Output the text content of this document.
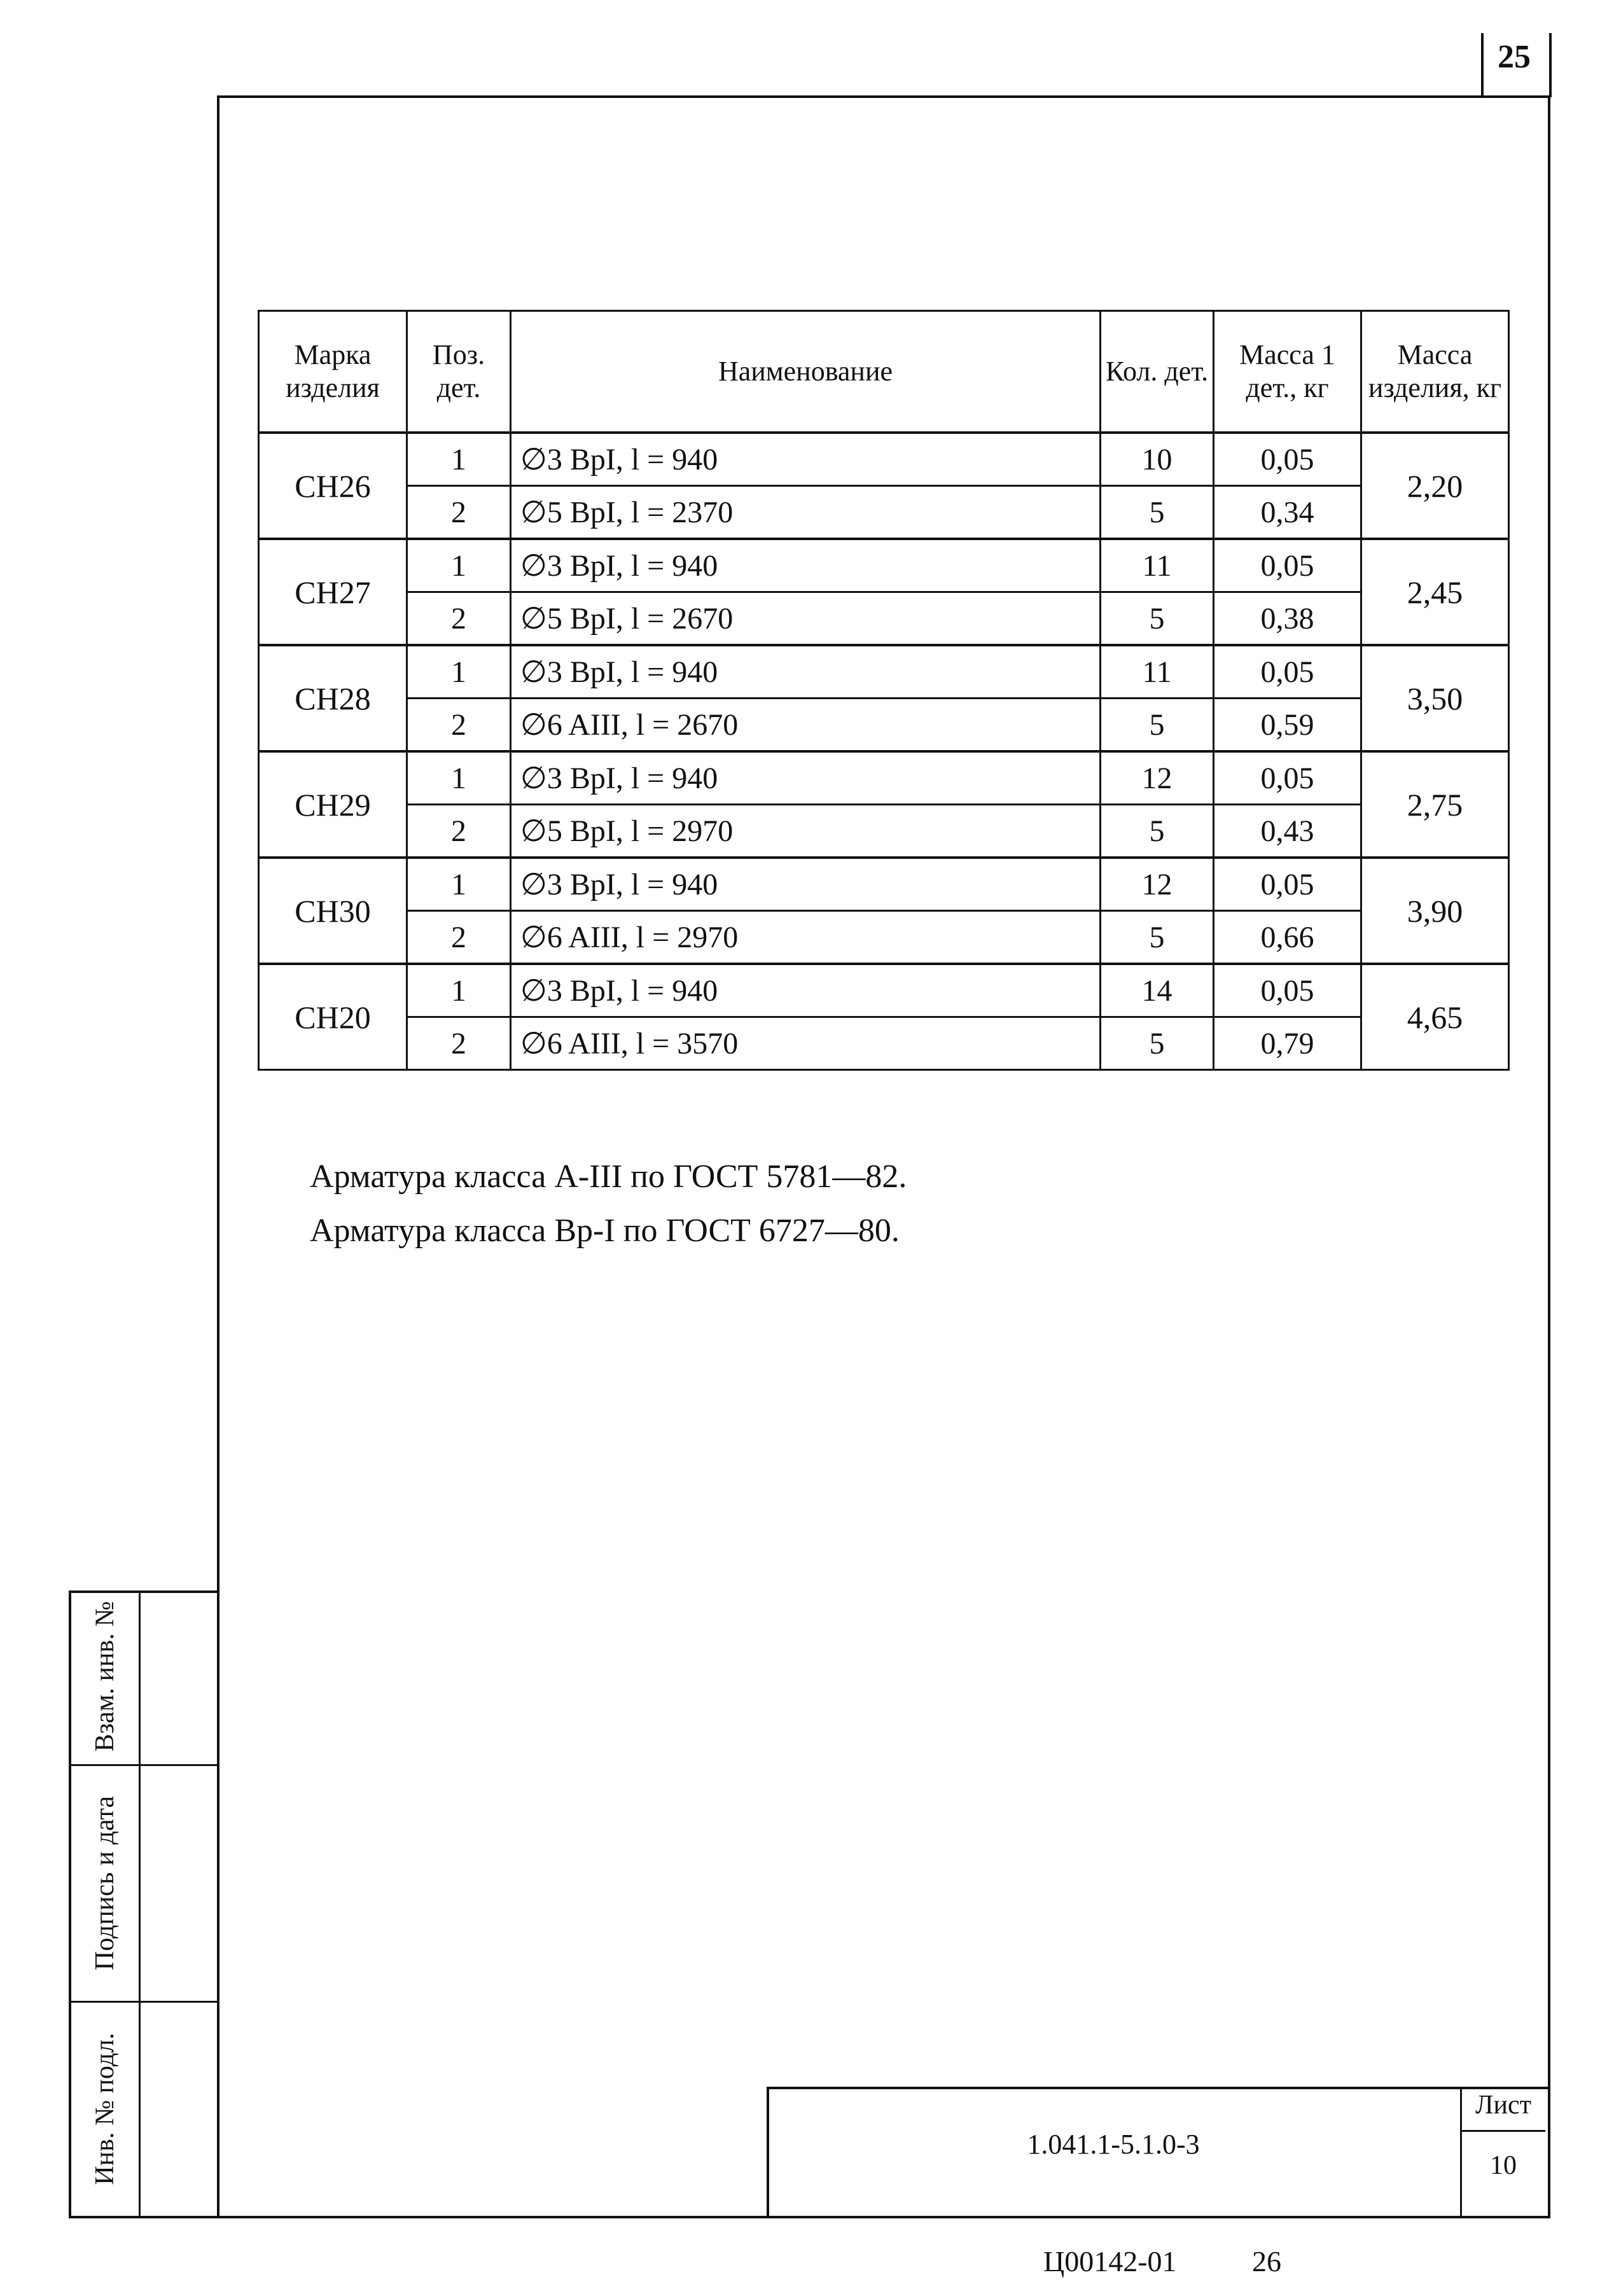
25
Марка изделия	Поз. дет.	Наименование	Кол. дет.	Масса 1 дет., кг	Масса изделия, кг
СН26	1	∅3 ВрI, l = 940	10	0,05	2,20
	2	∅5 ВрI, l = 2370	5	0,34	
СН27	1	∅3 ВрI, l = 940	11	0,05	2,45
	2	∅5 ВрI, l = 2670	5	0,38	
СН28	1	∅3 ВрI, l = 940	11	0,05	3,50
	2	∅6 AIII, l = 2670	5	0,59	
СН29	1	∅3 ВрI, l = 940	12	0,05	2,75
	2	∅5 ВрI, l = 2970	5	0,43	
СН30	1	∅3 ВрI, l = 940	12	0,05	3,90
	2	∅6 AIII, l = 2970	5	0,66	
СН20	1	∅3 ВрI, l = 940	14	0,05	4,65
	2	∅6 AIII, l = 3570	5	0,79	
Арматура класса А-III по ГОСТ 5781—82.
Арматура класса Вр-I по ГОСТ 6727—80.
Взам. инв. №
Подпись и дата
Инв. № подл.	1.041.1-5.1.0-3
Лист
10
Ц00142-01	26
